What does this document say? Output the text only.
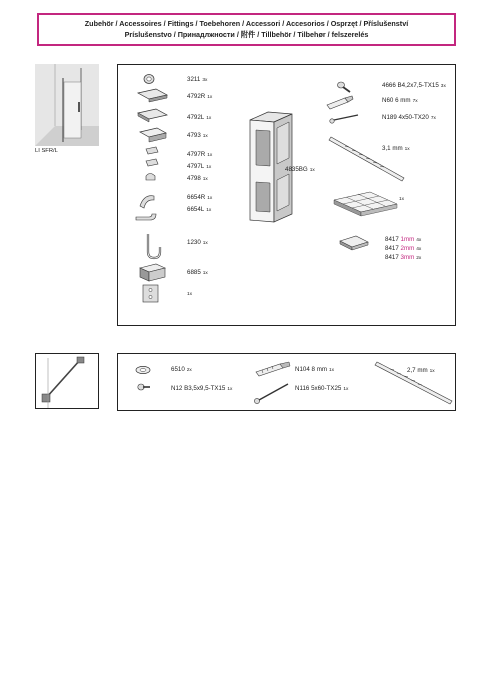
Zubehör / Accessoires / Fittings / Toebehoren / Accessori / Accesorios / Osprzęt / Příslušenství
Príslušenstvo / Принадлжности / 附件 / Tillbehör / Tilbehør / felszerelés
LI SFR/L
3211 3x
4792R 1x
4792L 1x
4793 1x
4797R 1x
4797L 1x
4798 1x
6654R 1x
6654L 1x
1230 1x
6885 1x
1x
4835BG 1x
4666 B4,2x7,5-TX15 3x
N60 6 mm 7x
N189 4x50-TX20 7x
3,1 mm 1x
1x
8417 1mm 4x
8417 2mm 4x
8417 3mm 2x
6510 2x
N12 B3,5x9,5-TX15 1x
N104 8 mm 1x
N116 5x60-TX25 1x
2,7 mm 1x
